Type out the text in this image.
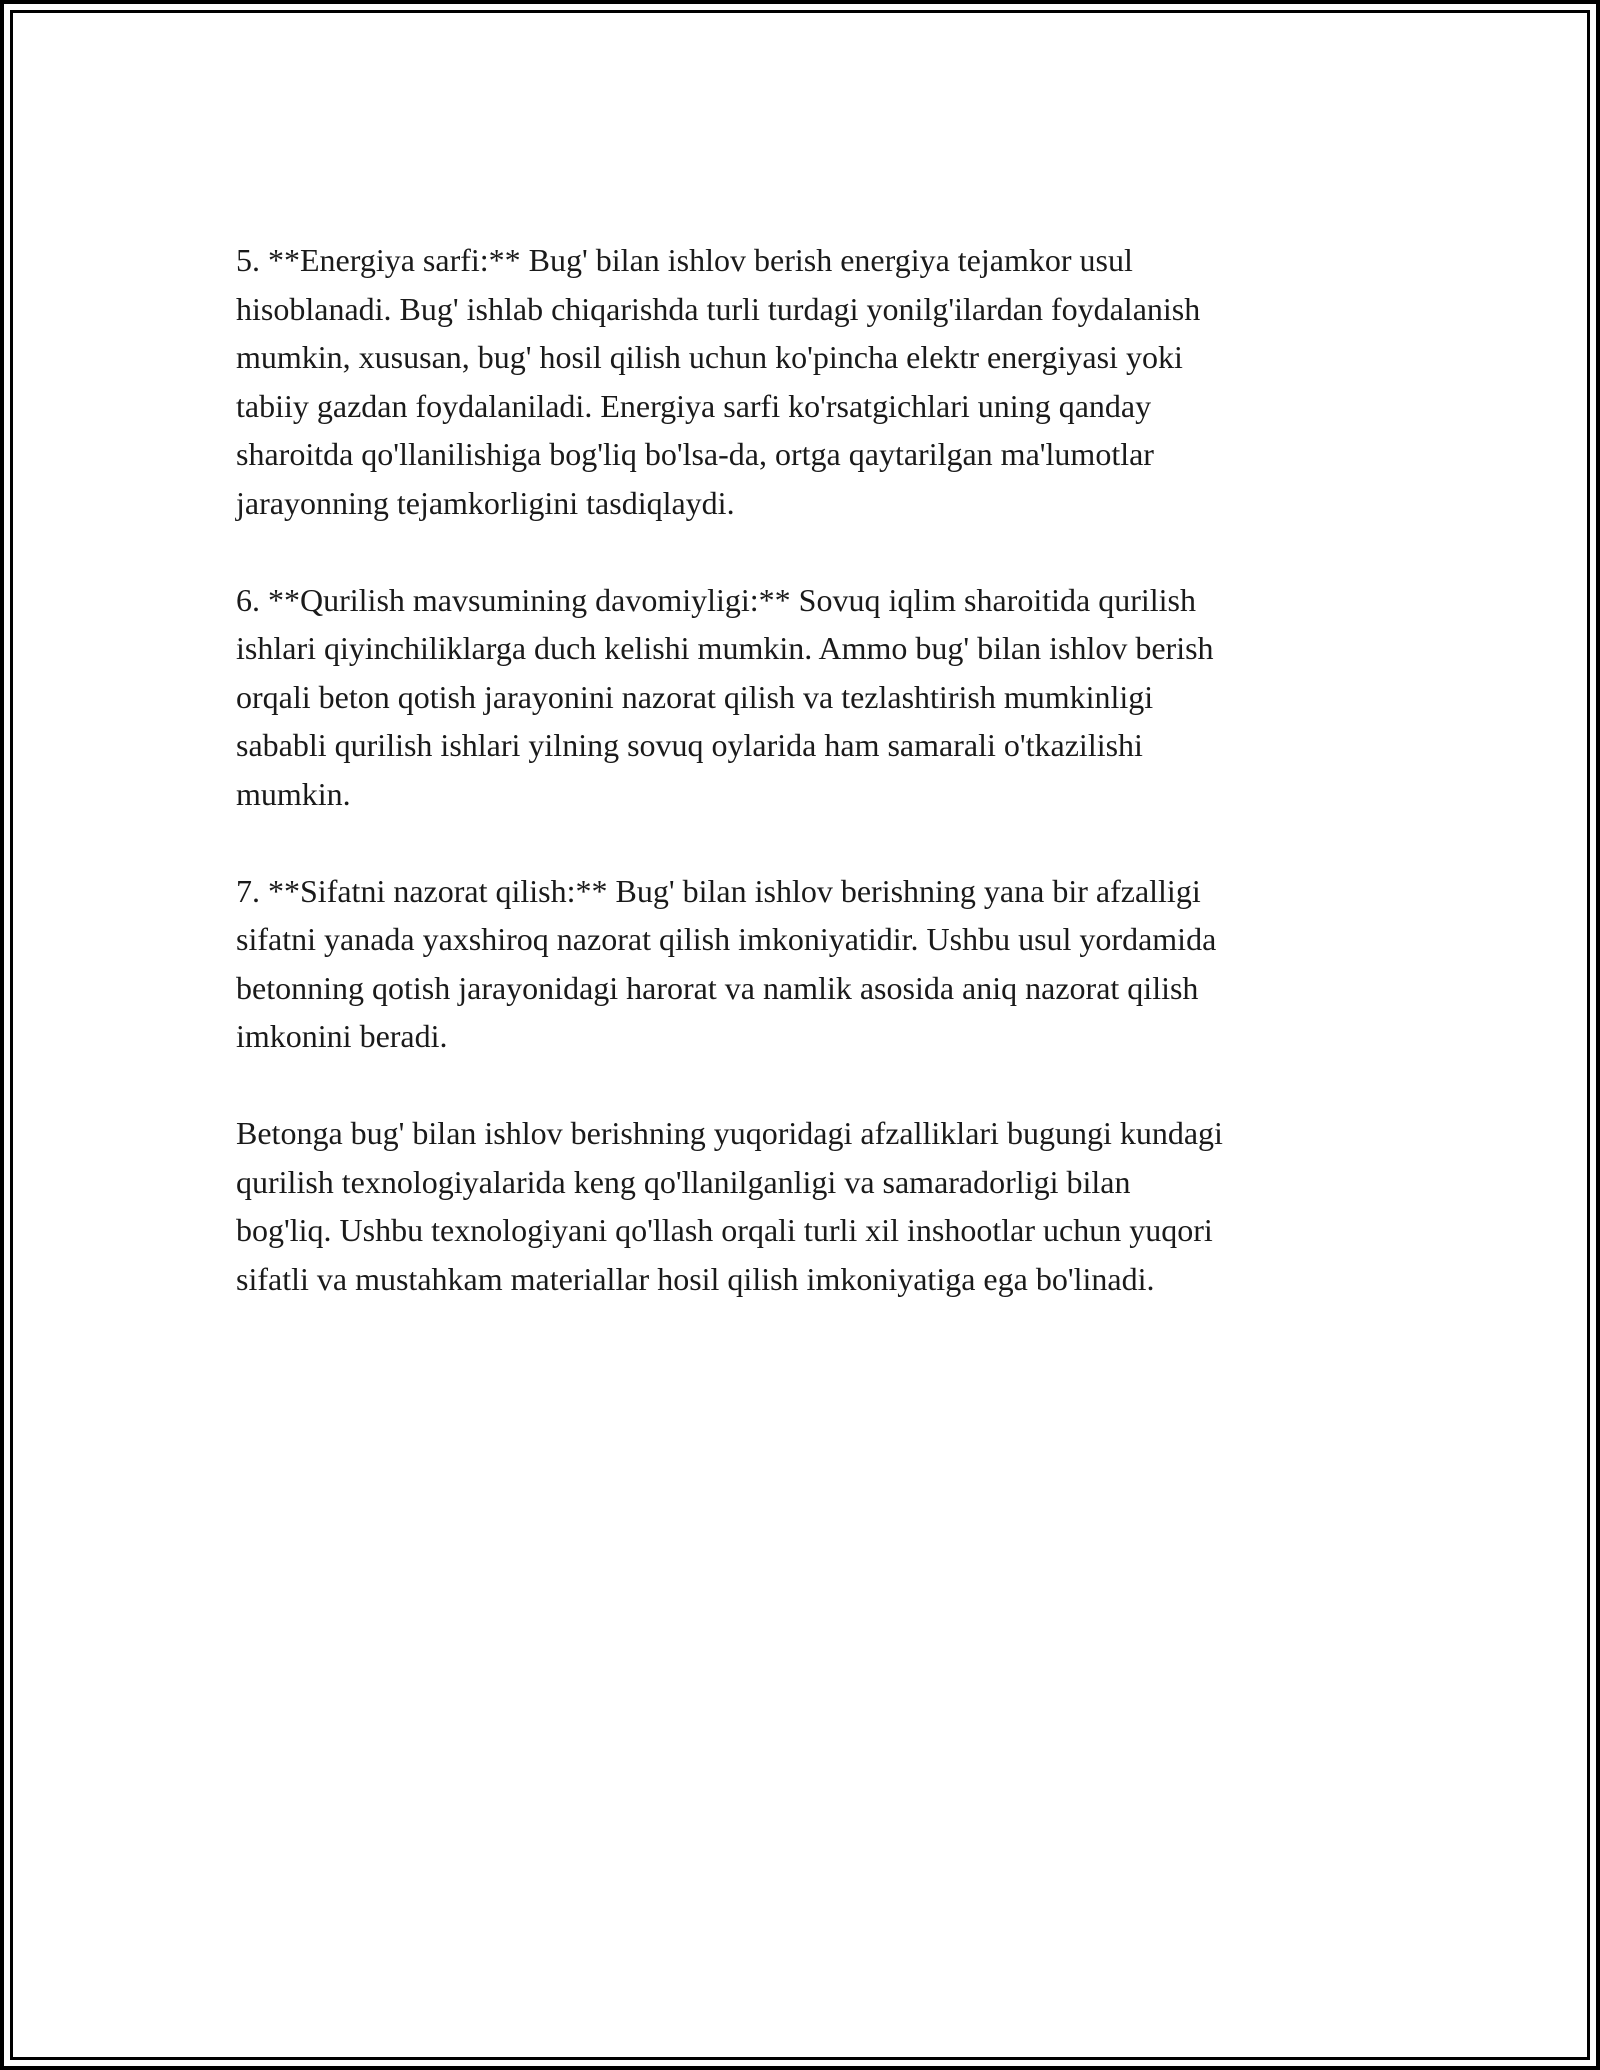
5. **Energiya sarfi:** Bug' bilan ishlov berish energiya tejamkor usul
hisoblanadi. Bug' ishlab chiqarishda turli turdagi yonilg'ilardan foydalanish
mumkin, xususan, bug' hosil qilish uchun ko'pincha elektr energiyasi yoki
tabiiy gazdan foydalaniladi. Energiya sarfi ko'rsatgichlari uning qanday
sharoitda qo'llanilishiga bog'liq bo'lsa-da, ortga qaytarilgan ma'lumotlar
jarayonning tejamkorligini tasdiqlaydi.

6. **Qurilish mavsumining davomiyligi:** Sovuq iqlim sharoitida qurilish
ishlari qiyinchiliklarga duch kelishi mumkin. Ammo bug' bilan ishlov berish
orqali beton qotish jarayonini nazorat qilish va tezlashtirish mumkinligi
sababli qurilish ishlari yilning sovuq oylarida ham samarali o'tkazilishi
mumkin.

7. **Sifatni nazorat qilish:** Bug' bilan ishlov berishning yana bir afzalligi
sifatni yanada yaxshiroq nazorat qilish imkoniyatidir. Ushbu usul yordamida
betonning qotish jarayonidagi harorat va namlik asosida aniq nazorat qilish
imkonini beradi.

Betonga bug' bilan ishlov berishning yuqoridagi afzalliklari bugungi kundagi
qurilish texnologiyalarida keng qo'llanilganligi va samaradorligi bilan
bog'liq. Ushbu texnologiyani qo'llash orqali turli xil inshootlar uchun yuqori
sifatli va mustahkam materiallar hosil qilish imkoniyatiga ega bo'linadi.
